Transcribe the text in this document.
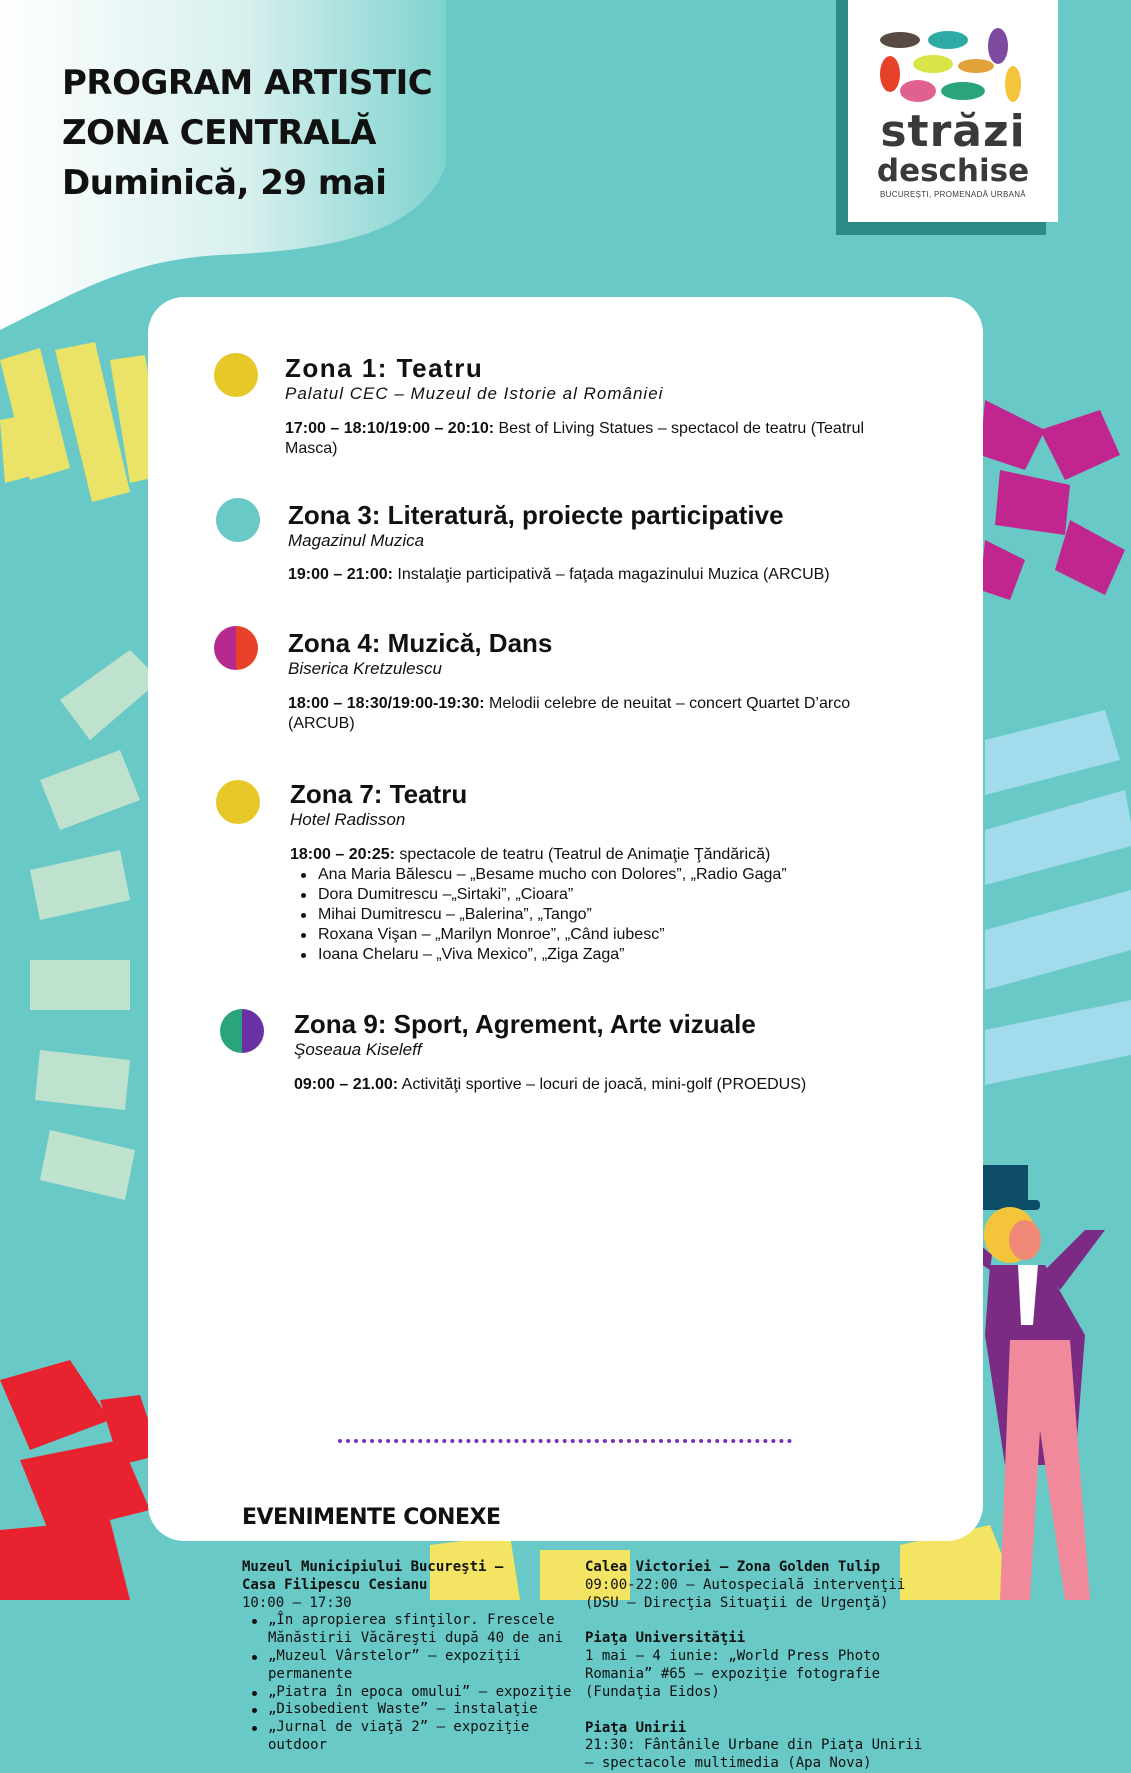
PROGRAM ARTISTIC
ZONA CENTRALĂ
Duminică, 29 mai
străzi
deschise
BUCUREȘTI, PROMENADĂ URBANĂ
Zona 1: Teatru
Palatul CEC – Muzeul de Istorie al României
17:00 – 18:10/19:00 – 20:10: Best of Living Statues – spectacol de teatru (Teatrul Masca)
Zona 3: Literatură, proiecte participative
Magazinul Muzica
19:00 – 21:00: Instalaţie participativă – faţada magazinului Muzica (ARCUB)
Zona 4: Muzică, Dans
Biserica Kretzulescu
18:00 – 18:30/19:00-19:30: Melodii celebre de neuitat – concert Quartet D’arco (ARCUB)
Zona 7: Teatru
Hotel Radisson
18:00 – 20:25: spectacole de teatru (Teatrul de Animaţie Ţăndărică)
Ana Maria Bălescu – „Besame mucho con Dolores”, „Radio Gaga”
Dora Dumitrescu –„Sirtaki”, „Cioara”
Mihai Dumitrescu – „Balerina”, „Tango”
Roxana Vişan – „Marilyn Monroe”, „Când iubesc”
Ioana Chelaru – „Viva Mexico”, „Ziga Zaga”
Zona 9: Sport, Agrement, Arte vizuale
Şoseaua Kiseleff
09:00 – 21.00: Activităţi sportive – locuri de joacă, mini-golf (PROEDUS)
EVENIMENTE CONEXE
Muzeul Municipiului Bucureşti –
Casa Filipescu Cesianu
10:00 – 17:30
„În apropierea sfinţilor. Frescele
Mănăstirii Văcăreşti după 40 de ani
„Muzeul Vârstelor” – expoziţii
permanente
„Piatra în epoca omului” – expoziţie
„Disobedient Waste” – instalaţie
„Jurnal de viaţă 2” – expoziţie
outdoor
Calea Victoriei – Zona Golden Tulip
09:00-22:00 – Autospecială intervenţii
(DSU – Direcţia Situaţii de Urgenţă)
Piaţa Universităţii
1 mai – 4 iunie: „World Press Photo
Romania” #65 – expoziţie fotografie
(Fundaţia Eidos)
Piaţa Unirii
21:30: Fântânile Urbane din Piaţa Unirii
– spectacole multimedia (Apa Nova)
